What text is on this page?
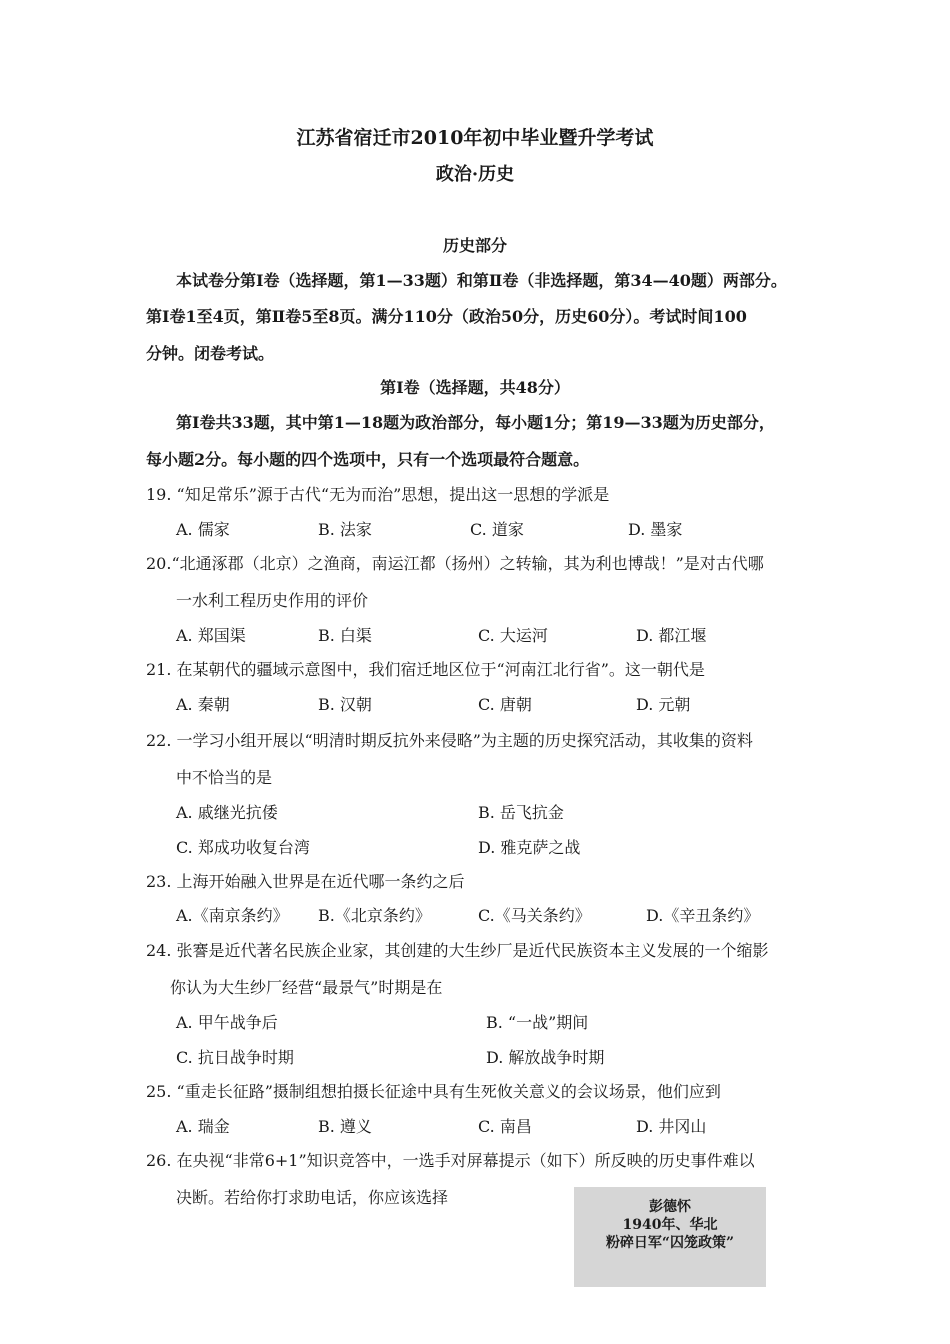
江苏省宿迁市2010年初中毕业暨升学考试
政治·历史
历史部分
本试卷分第Ⅰ卷（选择题，第1—33题）和第Ⅱ卷（非选择题，第34—40题）两部分。
第Ⅰ卷1至4页，第Ⅱ卷5至8页。满分110分（政治50分，历史60分）。考试时间100
分钟。闭卷考试。
第Ⅰ卷（选择题，共48分）
第Ⅰ卷共33题，其中第1—18题为政治部分，每小题1分；第19—33题为历史部分，
每小题2分。每小题的四个选项中，只有一个选项最符合题意。
19. “知足常乐”源于古代“无为而治”思想，提出这一思想的学派是
A. 儒家	B. 法家	C. 道家	D. 墨家
20.“北通涿郡（北京）之渔商，南运江都（扬州）之转输，其为利也博哉！”是对古代哪
一水利工程历史作用的评价
A. 郑国渠	B. 白渠	C. 大运河	D. 都江堰
21. 在某朝代的疆域示意图中，我们宿迁地区位于“河南江北行省”。这一朝代是
A. 秦朝	B. 汉朝	C. 唐朝	D. 元朝
22. 一学习小组开展以“明清时期反抗外来侵略”为主题的历史探究活动，其收集的资料
中不恰当的是
A. 戚继光抗倭	B. 岳飞抗金
C. 郑成功收复台湾	D. 雅克萨之战
23. 上海开始融入世界是在近代哪一条约之后
A.《南京条约》 B.《北京条约》	C.《马关条约》	D.《辛丑条约》
24. 张謇是近代著名民族企业家，其创建的大生纱厂是近代民族资本主义发展的一个缩影
你认为大生纱厂经营“最景气”时期是在
A. 甲午战争后	B. “一战”期间
C. 抗日战争时期	D. 解放战争时期
25. “重走长征路”摄制组想拍摄长征途中具有生死攸关意义的会议场景，他们应到
A. 瑞金	B. 遵义	C. 南昌	D. 井冈山
26. 在央视“非常6+1”知识竞答中，一选手对屏幕提示（如下）所反映的历史事件难以
决断。若给你打求助电话，你应该选择	彭德怀
1940年、华北
粉碎日军“囚笼政策”
